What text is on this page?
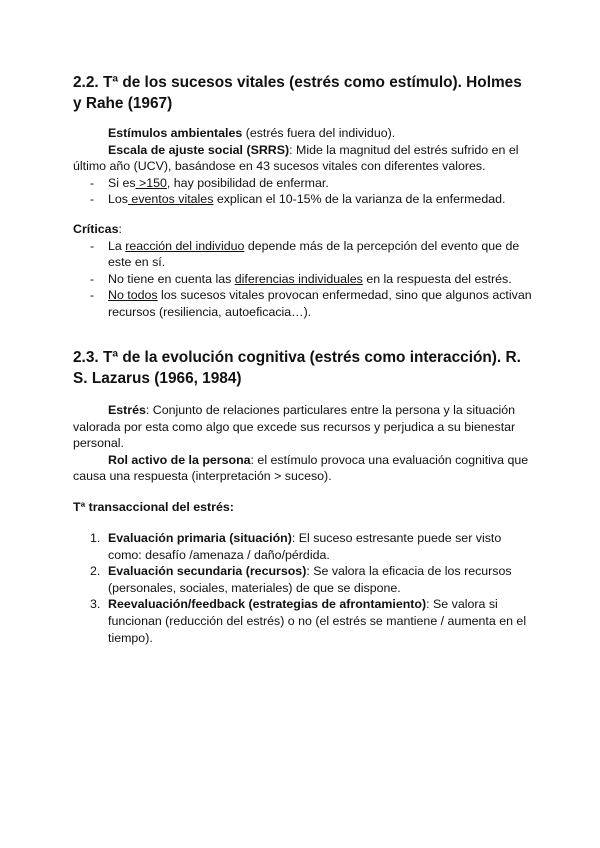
2.2. Tª de los sucesos vitales (estrés como estímulo). Holmes y Rahe (1967)

Estímulos ambientales (estrés fuera del individuo).

Escala de ajuste social (SRRS): Mide la magnitud del estrés sufrido en el último año (UCV), basándose en 43 sucesos vitales con diferentes valores.

- Si es >150, hay posibilidad de enfermar.

- Los eventos vitales explican el 10-15% de la varianza de la enfermedad.

Críticas:

- La reacción del individuo depende más de la percepción del evento que de este en sí.

- No tiene en cuenta las diferencias individuales en la respuesta del estrés.

- No todos los sucesos vitales provocan enfermedad, sino que algunos activan recursos (resiliencia, autoeficacia…).

2.3. Tª de la evolución cognitiva (estrés como interacción). R. S. Lazarus (1966, 1984)

Estrés: Conjunto de relaciones particulares entre la persona y la situación valorada por esta como algo que excede sus recursos y perjudica a su bienestar personal.

Rol activo de la persona: el estímulo provoca una evaluación cognitiva que causa una respuesta (interpretación > suceso).

Tª transaccional del estrés:

1. Evaluación primaria (situación): El suceso estresante puede ser visto como: desafío /amenaza / daño/pérdida.

2. Evaluación secundaria (recursos): Se valora la eficacia de los recursos (personales, sociales, materiales) de que se dispone.

3. Reevaluación/feedback (estrategias de afrontamiento): Se valora si funcionan (reducción del estrés) o no (el estrés se mantiene / aumenta en el tiempo).
